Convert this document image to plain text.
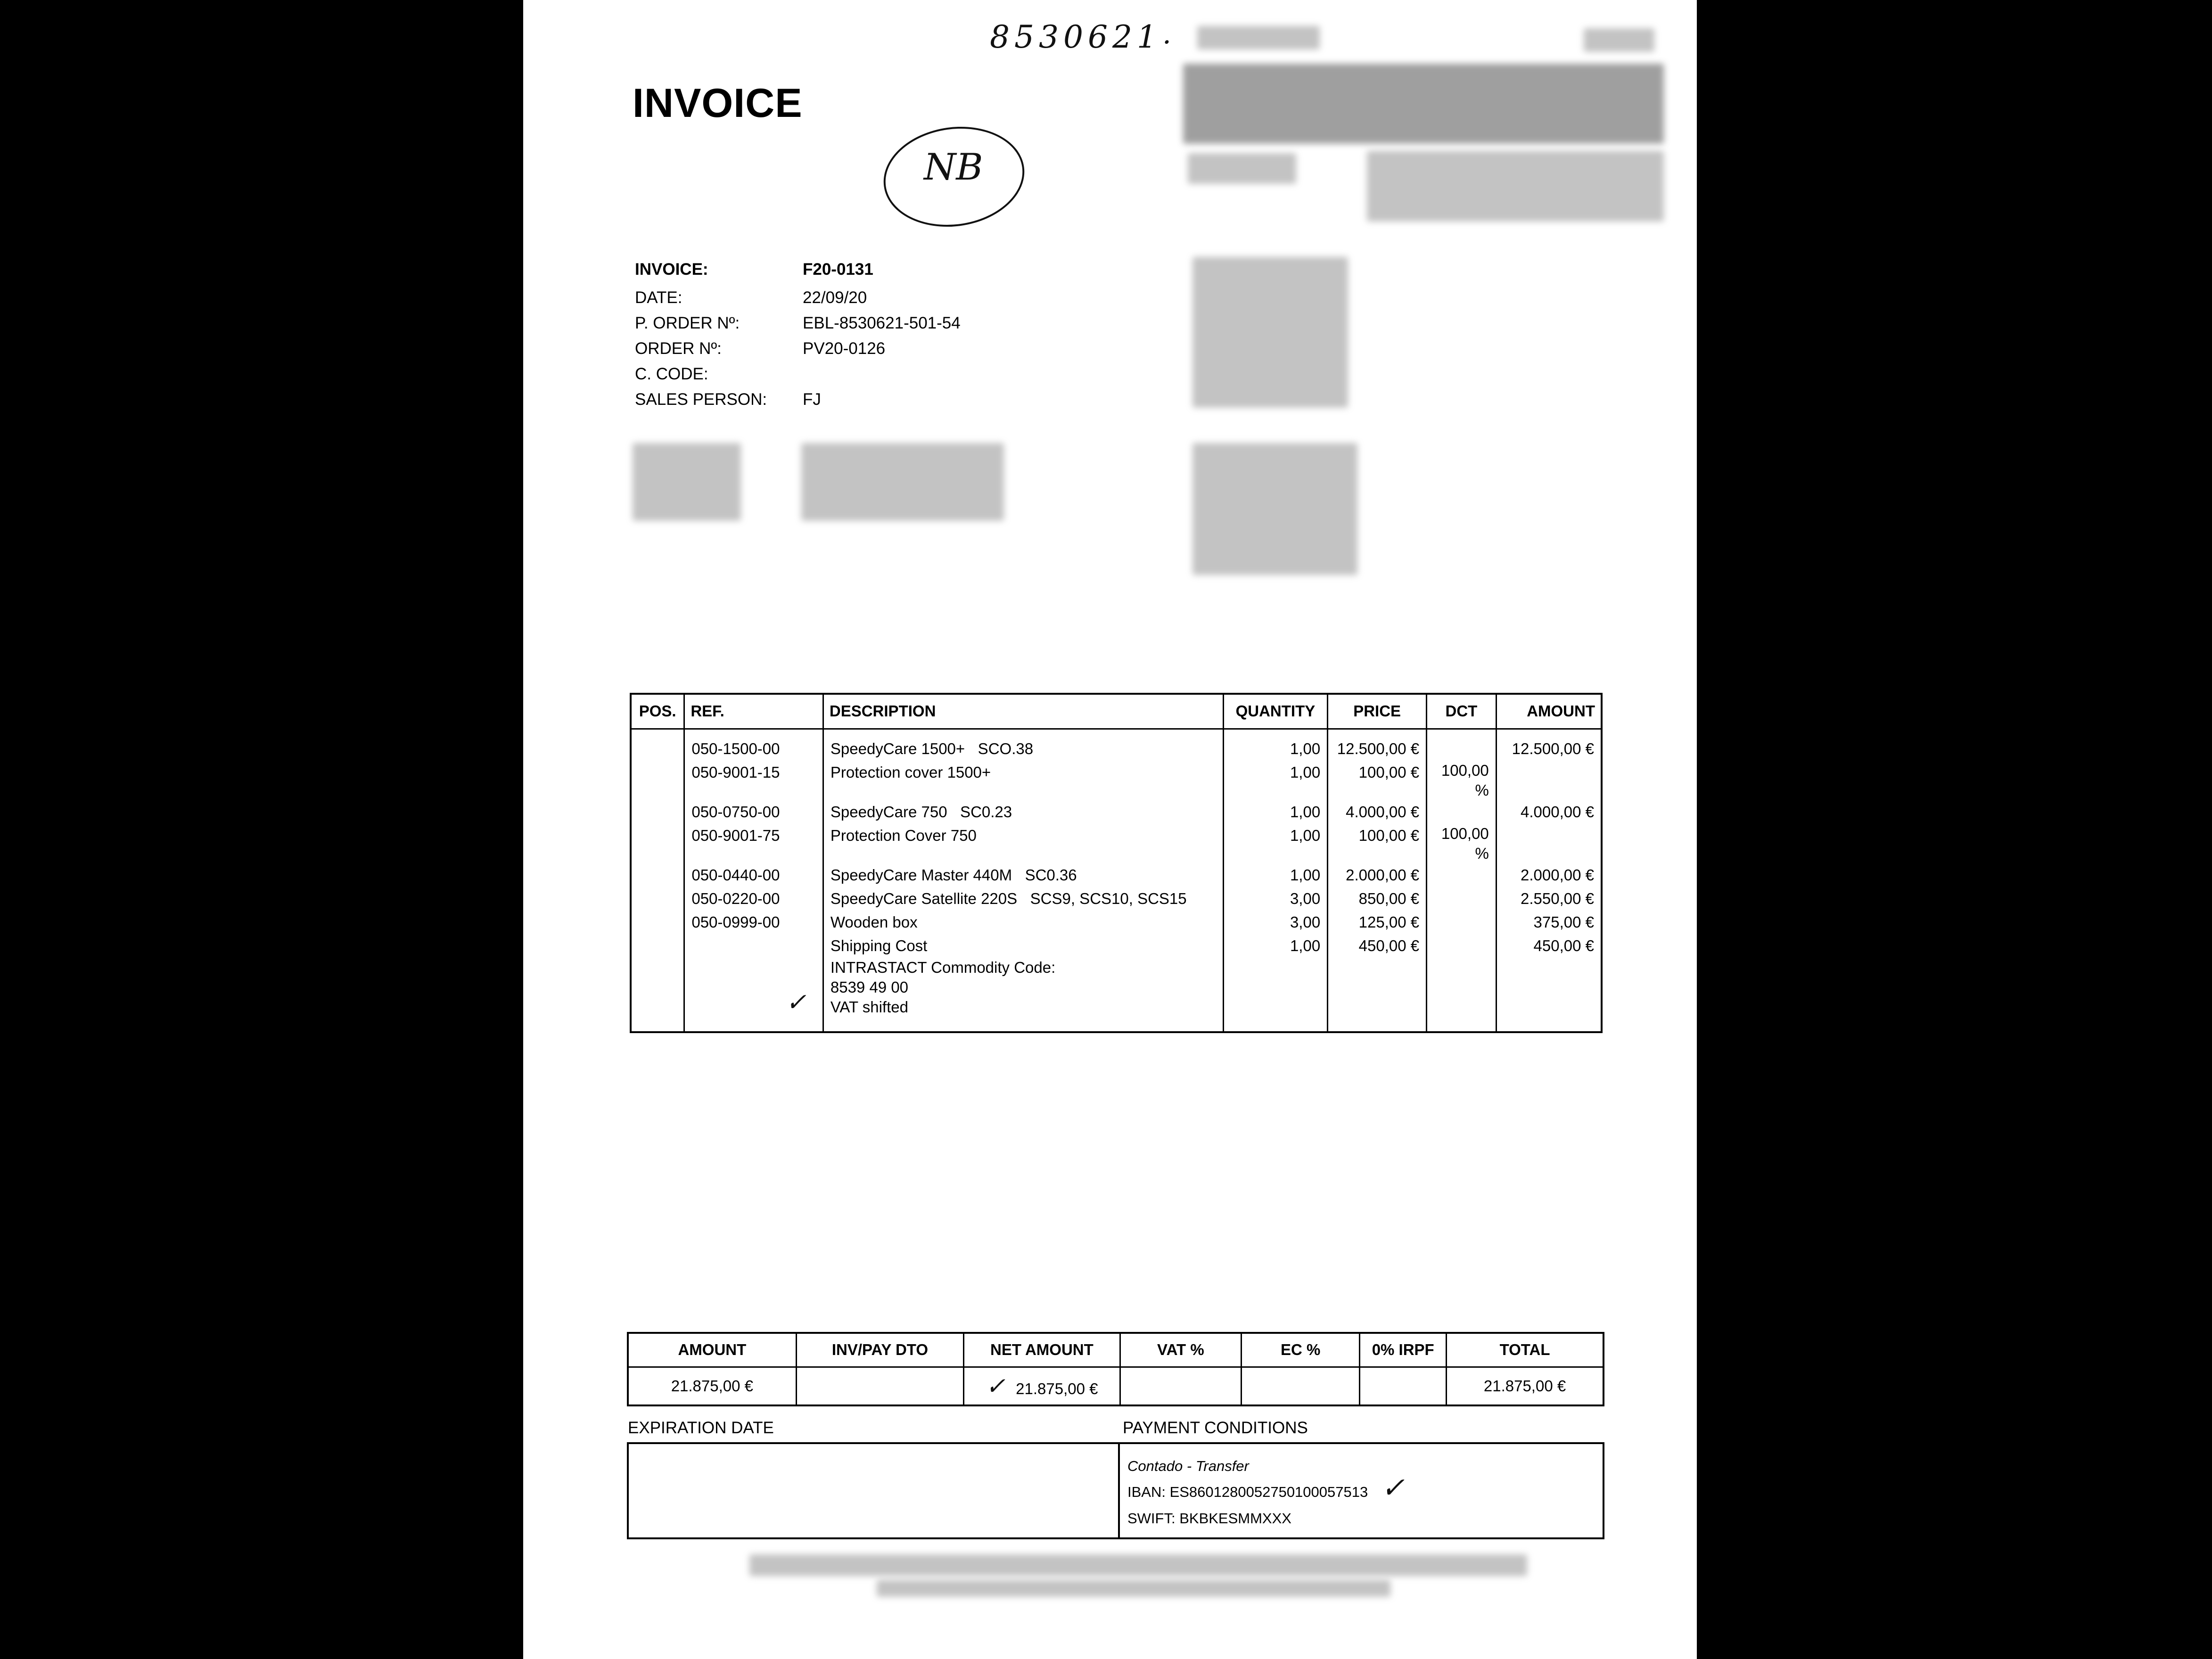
8530621 ·
INVOICE
NB
INVOICE:	F20-0131
DATE:	22/09/20
P. ORDER Nº:	EBL-8530621-501-54
ORDER Nº:	PV20-0126
C. CODE:
SALES PERSON: FJ
POS.	REF.	DESCRIPTION	QUANTITY	PRICE	DCT	AMOUNT
	050-1500-00	SpeedyCare 1500+   SCO.38	1,00	12.500,00 €		12.500,00 €
	050-9001-15	Protection cover 1500+	1,00	100,00 €	100,00
%	
	050-0750-00	SpeedyCare 750   SC0.23	1,00	4.000,00 €		4.000,00 €
	050-9001-75	Protection Cover 750	1,00	100,00 €	100,00
%	
	050-0440-00	SpeedyCare Master 440M   SC0.36	1,00	2.000,00 €		2.000,00 €
	050-0220-00	SpeedyCare Satellite 220S   SCS9, SCS10, SCS15	3,00	850,00 €		2.550,00 €
	050-0999-00	Wooden box	3,00	125,00 €		375,00 €
		Shipping Cost	1,00	450,00 €		450,00 €
	✓	INTRASTACT Commodity Code:
8539 49 00
VAT shifted				

AMOUNT	INV/PAY DTO	NET AMOUNT	VAT %	EC %	0% IRPF	TOTAL
21.875,00 €		✓ 21.875,00 €				21.875,00 €
EXPIRATION DATE	PAYMENT CONDITIONS
Contado - Transfer
IBAN: ES8601280052750100057513 ✓
SWIFT: BKBKESMMXXX
